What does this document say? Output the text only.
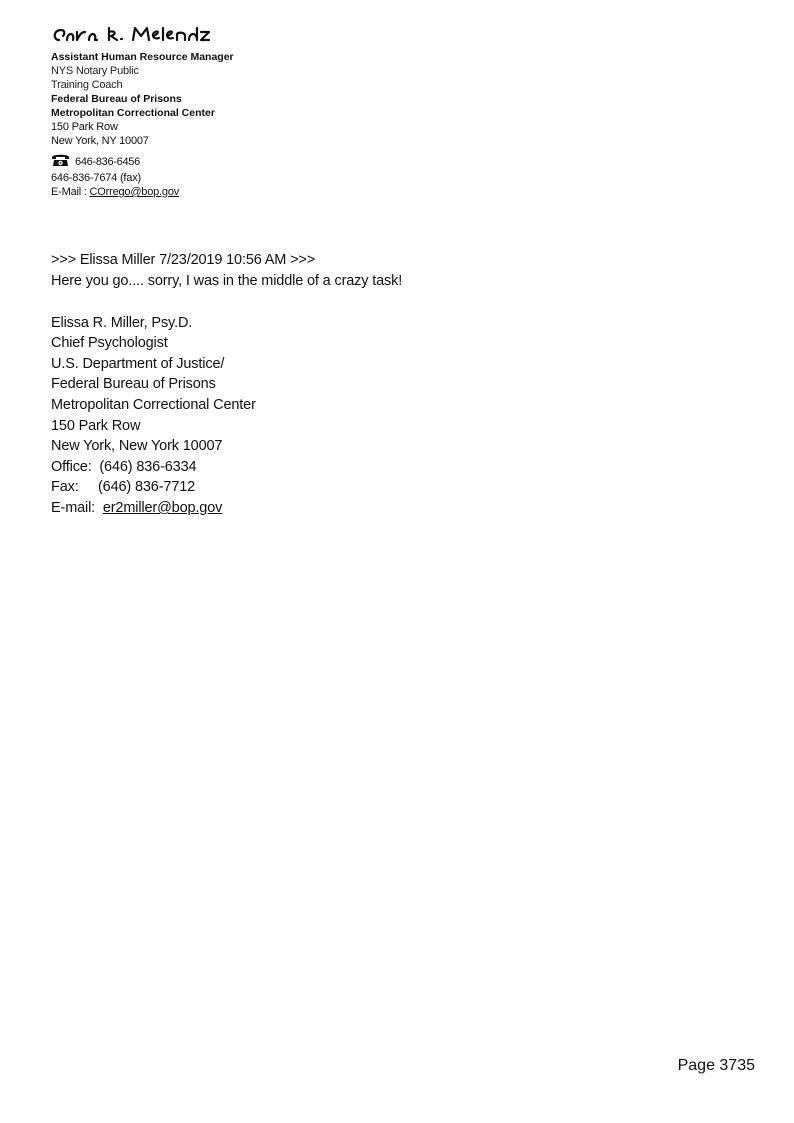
Assistant Human Resource Manager
NYS Notary Public
Training Coach
Federal Bureau of Prisons
Metropolitan Correctional Center
150 Park Row
New York, NY 10007
646-836-6456
646-836-7674 (fax)
E-Mail : COrrego@bop.gov
>>> Elissa Miller 7/23/2019 10:56 AM >>>
Here you go.... sorry, I was in the middle of a crazy task!
Elissa R. Miller, Psy.D.
Chief Psychologist
U.S. Department of Justice/
Federal Bureau of Prisons
Metropolitan Correctional Center
150 Park Row
New York, New York 10007
Office: (646) 836-6334
Fax: (646) 836-7712
E-mail: er2miller@bop.gov
Page 3735
